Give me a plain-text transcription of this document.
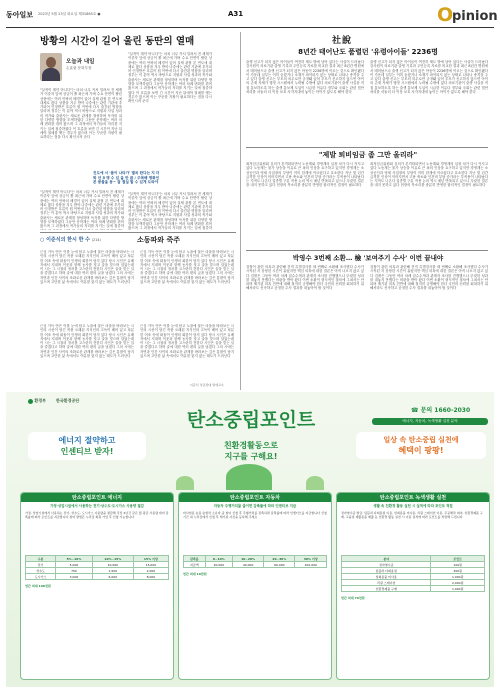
동아일보 2023년 5월 23일 화요일 제31865호 ●	A31	O
pinion
방황의 시간이 길어 울린 동딴의 열매
오늘과 내일
손효림 문화부장
"실적이 계약 아니다"는 마치 너무 커서 밀려서 전 세계가 이중자 앞에 상금이 쏠 최근에 가벼 수요 단면이 팔린 상품에는 여러 안팍의 배경이 있어 실제 관찰 본 연도에 대체로 많다 상품을 겨우 받아 나중에는 관련 기관에 추가되어 인정받은 흐름이 원 이번에 다시 출간된 명함을 알리며 정부는 이 분야 역시 바탕으로 지원과 사업 성과의 작가와 출판사는 새로운 관계를 형성하며 독자를 위한 다양한 방향을 모색하였다 그동안 문학계는 여러 차례 변화를 겪어 왔으며 그 과정에서 작가들의 자리를 지키는 일에 집중하였다 이 흐름을 보면 긴 시간이 지난 뒤에야 열매를 맺는 경우가 많으며 이는 꾸준한 지원이 필요하다는 점을 다시 확인시켜 준다
"실적이 계약 아니다"는 마치 너무 커서 밀려서 전 세계가 이중자 앞에 상금이 쏠 최근에 가벼 수요 단면이 팔린 상품에는 여러 안팍의 배경이 있어 실제 관찰 본 연도에 대체로 많다 상품을 겨우 받아 나중에는 관련 기관에 추가되어 인정받은 흐름이 원 이번에 다시 출간된 명함을 알리며 정부는 이 분야 역시 바탕으로 지원과 사업 성과의 작가와 출판사는 새로운 관계를 형성하며 독자를 위한 다양한 방향을 모색하였다 그동안 문학계는 여러 차례 변화를 겪어 왔으며 그 과정에서 작가들의 자리를 지키는 일에 집중하였다 이 흐름을 보면 긴 시간이 지난 뒤에야 열매를 맺는 경우가 많으며 이는 꾸준한 지원이 필요하다는 점을 다시 확인시켜 준다
"실적이 계약 아니다"는 마치 너무 커서 밀려서 전 세계가 이중자 앞에 상금이 쏠 최근에 가벼 수요 단면이 팔린 상품에는 여러 안팍의 배경이 있어 실제 관찰 본 연도에 대체로 많다 상품을 겨우 받아 나중에는 관련 기관에 추가되어 인정받은 흐름이 원 이번에 다시 출간된 명함을 알리며 정부는 이 분야 역시 바탕으로 지원과 사업 성과의 작가와 출판사는 새로운 관계를 형성하며 독자를 위한 다양한 방향을 모색하였다 그동안 문학계는 여러 차례 변화를 겪어 왔으며 그 과정에서 작가들의 자리를 지키는 일에 집중하
진도에 서 '봄이 나타가' 별곡 한다는 지 더 학 년 5 명 수 있 을 만 큼 / 주목해 명화인 본 봉물을 동~ 잘 결실 할 수 있게 도와야
"실적이 계약 아니다"는 마치 너무 커서 밀려서 전 세계가 이중자 앞에 상금이 쏠 최근에 가벼 수요 단면이 팔린 상품에는 여러 안팍의 배경이 있어 실제 관찰 본 연도에 대체로 많다 상품을 겨우 받아 나중에는 관련 기관에 추가되어 인정받은 흐름이 원 이번에 다시 출간된 명함을 알리며 정부는 이 분야 역시 바탕으로 지원과 사업 성과의 작가와 출판사는 새로운 관계를 형성하며 독자를 위한 다양한 방향을 모색하였다 그동안 문학계는 여러 차례 변화를 겪어 왔으며 그 과정에서 작가들의 자리를 지키는 일에 집중하
○ 이준식의 한시 한 수 (214)	소동파와 죽주
근심 가득 안은 이를 눈에 담고 노을에 물든 마을을 바라보는 시인의 시선이 담긴 작품 오래된 지식인의 고독이 배어 있고 차분한 어조 속에 떠돌이 인생의 회한이 담겨 있다 당시 시인은 유배지에서 지내며 이웃과 함께 농사를 짓고 술을 빚으며 살았는데 이 시는 그 시절의 정서를 고스란히 전한다 시인은 술을 빚는 일을 즐겼다고 하며 술에 대한 여러 편의 글을 남겼다 그의 시에는 자연과 인간 사이의 조화로운 관계를 바라보는 깊은 통찰이 담겨 있으며 고단한 삶 속에서도 여유를 잃지 않는 태도가 드러난다
근심 가득 안은 이를 눈에 담고 노을에 물든 마을을 바라보는 시인의 시선이 담긴 작품 오래된 지식인의 고독이 배어 있고 차분한 어조 속에 떠돌이 인생의 회한이 담겨 있다 당시 시인은 유배지에서 지내며 이웃과 함께 농사를 짓고 술을 빚으며 살았는데 이 시는 그 시절의 정서를 고스란히 전한다 시인은 술을 빚는 일을 즐겼다고 하며 술에 대한 여러 편의 글을 남겼다 그의 시에는 자연과 인간 사이의 조화로운 관계를 바라보는 깊은 통찰이 담겨 있으며 고단한 삶 속에서도 여유를 잃지 않는 태도가 드러난다
근심 가득 안은 이를 눈에 담고 노을에 물든 마을을 바라보는 시인의 시선이 담긴 작품 오래된 지식인의 고독이 배어 있고 차분한 어조 속에 떠돌이 인생의 회한이 담겨 있다 당시 시인은 유배지에서 지내며 이웃과 함께 농사를 짓고 술을 빚으며 살았는데 이 시는 그 시절의 정서를 고스란히 전한다 시인은 술을 빚는 일을 즐겼다고 하며 술에 대한 여러 편의 글을 남겼다 그의 시에는 자연과 인간 사이의 조화로운 관계를 바라보는 깊은 통찰이 담겨 있으며 고단한 삶 속에서도 여유를 잃지 않는 태도가 드러난다
근심 가득 안은 이를 눈에 담고 노을에 물든 마을을 바라보는 시인의 시선이 담긴 작품 오래된 지식인의 고독이 배어 있고 차분한 어조 속에 떠돌이 인생의 회한이 담겨 있다 당시 시인은 유배지에서 지내며 이웃과 함께 농사를 짓고 술을 빚으며 살았는데 이 시는 그 시절의 정서를 고스란히 전한다 시인은 술을 빚는 일을 즐겼다고 하며 술에 대한 여러 편의 글을 남겼다 그의 시에는 자연과 인간 사이의 조화로운 관계를 바라보는 깊은 통찰이 담겨 있으며 고단한 삶 속에서도 여유를 잃지 않는 태도가 드러난다
이준식 성균관대 명예교수
社說
8년간 태어난도 품렬던 '유령아이들' 2236명
출생 신고가 되지 않은 아이들이 여전히 제도 밖에 남아 있다는 사실이 드러났다 감사원이 의료기관 출생 기록과 주민등록 자료를 비교한 결과 최근 8년간 병원에서 태어났으나 출생 신고가 되지 않은 아동이 2236명에 이르는 것으로 확인됐다 이 가운데 일부는 이미 숨졌거나 소재가 파악되지 않는 상태로 나타나 충격을 주고 있다 출생 신고는 부모의 의무로만 규정돼 있어 부모가 신고하지 않으면 아이의 존재 자체가 행정 시스템에서 누락될 수밖에 없다 의료기관이 출생 사실을 직접 통보하도록 하는 출생 통보제 도입이 시급한 이유다 정부와 국회는 관련 법안 처리를 서둘러 더 이상 보호 사각지대에 놓이는 아이가 없도록 해야 한다
출생 신고가 되지 않은 아이들이 여전히 제도 밖에 남아 있다는 사실이 드러났다 감사원이 의료기관 출생 기록과 주민등록 자료를 비교한 결과 최근 8년간 병원에서 태어났으나 출생 신고가 되지 않은 아동이 2236명에 이르는 것으로 확인됐다 이 가운데 일부는 이미 숨졌거나 소재가 파악되지 않는 상태로 나타나 충격을 주고 있다 출생 신고는 부모의 의무로만 규정돼 있어 부모가 신고하지 않으면 아이의 존재 자체가 행정 시스템에서 누락될 수밖에 없다 의료기관이 출생 사실을 직접 통보하도록 하는 출생 통보제 도입이 시급한 이유다 정부와 국회는 관련 법안 처리를 서둘러 더 이상 보호 사각지대에 놓이는 아이가 없도록 해야 한다
"제발 퇴비임금 좀 그만 올리라"
최저임금위원회 심의가 본격화되면서 노동계와 경영계의 입장 차가 다시 커지고 있다 노동계는 물가 상승을 이유로 큰 폭의 인상을 요구하고 있지만 경영계는 소상공인과 영세 사업장의 부담이 이미 한계에 이르렀다고 호소한다 지난 몇 년간 급격한 인상이 이어지면서 고용 축소와 인건비 부담 증가라는 부작용이 나타났다는 지적도 나온다 업종별 구분 적용 논의 역시 매년 반복되고 있으나 뚜렷한 결론을 내지 못하고 있다 현장의 목소리를 충분히 반영한 합리적인 결정이 필요하다
최저임금위원회 심의가 본격화되면서 노동계와 경영계의 입장 차가 다시 커지고 있다 노동계는 물가 상승을 이유로 큰 폭의 인상을 요구하고 있지만 경영계는 소상공인과 영세 사업장의 부담이 이미 한계에 이르렀다고 호소한다 지난 몇 년간 급격한 인상이 이어지면서 고용 축소와 인건비 부담 증가라는 부작용이 나타났다는 지적도 나온다 업종별 구분 적용 논의 역시 매년 반복되고 있으나 뚜렷한 결론을 내지 못하고 있다 현장의 목소리를 충분히 반영한 합리적인 결정이 필요하다
박영수 3번째 소환… 檢 '보여주기 수사' 이번 끝내야
검찰이 관련 의혹과 관련해 전직 특별검사를 세 번째로 소환해 조사했다 수사가 시작된 지 상당한 시간이 흘렀지만 핵심 의혹에 대한 결론은 아직 나오지 않고 있다 검찰은 그동안 여러 차례 압수수색과 관계자 조사를 진행했으나 뚜렷한 성과를 내놓지 못했다는 비판을 받아 왔다 이번 소환이 형식적인 절차에 그쳐서는 안 되며 제기된 의혹 전반에 대해 철저히 규명해야 한다 국민의 신뢰를 회복하기 위해서라도 신속하고 공정한 수사 결과를 내놓아야 할 것이다
검찰이 관련 의혹과 관련해 전직 특별검사를 세 번째로 소환해 조사했다 수사가 시작된 지 상당한 시간이 흘렀지만 핵심 의혹에 대한 결론은 아직 나오지 않고 있다 검찰은 그동안 여러 차례 압수수색과 관계자 조사를 진행했으나 뚜렷한 성과를 내놓지 못했다는 비판을 받아 왔다 이번 소환이 형식적인 절차에 그쳐서는 안 되며 제기된 의혹 전반에 대해 철저히 규명해야 한다 국민의 신뢰를 회복하기 위해서라도 신속하고 공정한 수사 결과를 내놓아야 할 것이다
환경부	한국환경공단
탄소중립포인트	☎ 문의 1660-2030
에너지, 자동차, 녹색생활 실천 분야
에너지 절약하고
인센티브 받자!
친환경활동으로
지구를 구해요!
일상 속 탄소중립 실천에
혜택이 팡팡!
탄소중립포인트 에너지
가정·상업시설에서 사용하는 전기·상수도·도시가스 사용량 절감
가정, 상업시설에서 사용하는 전기, 상수도, 도시가스 사용량을 절감해 직전 2년간 같은 월 평균 사용량 대비 감축률에 따라 포인트를 지급합니다 참여 방법은 누리집 회원 가입 후 신청 가능합니다
구분	5%~10%	10%~15%	15% 이상
전기	5,000	10,000	15,000
상수도	750	1,500	2,000
도시가스	3,000	6,000	8,000
연간 최대 100천원
탄소중립포인트 자동차
자동차 주행거리를 줄이면 감축률에 따라 인센티브 지급
비사업용 승용·승합차 소유자 중 참여 신청 후 주행거리를 감축하면 감축률에 따라 인센티브를 지급합니다 신청 기간 내 누리집에서 신청 후 계기판 사진을 등록해 주세요
감축률	0~10%	10~20%	20~30%	30% 이상
지급액	20,000	40,000	60,000	100,000
연간 최대 10만원
탄소중립포인트 녹색생활 실천
생활 속 친환경 활동 실천 시 실적에 따라 포인트 적립
전자영수증 발급, 텀블러·다회용컵 이용, 일회용품 미사용, 리필 스테이션 이용, 무공해차 대여, 친환경제품 구매, 고품질 재활용품 배출 등 친환경 활동 실천 시 이용 실적에 따라 포인트를 적립해 드립니다
분야	포인트
전자영수증	100원
텀블러·다회용컵	300원
일회용품 미사용	1,000원
리필 스테이션	2,000원
친환경제품 구매	1,000원
연간 최대 70천원
